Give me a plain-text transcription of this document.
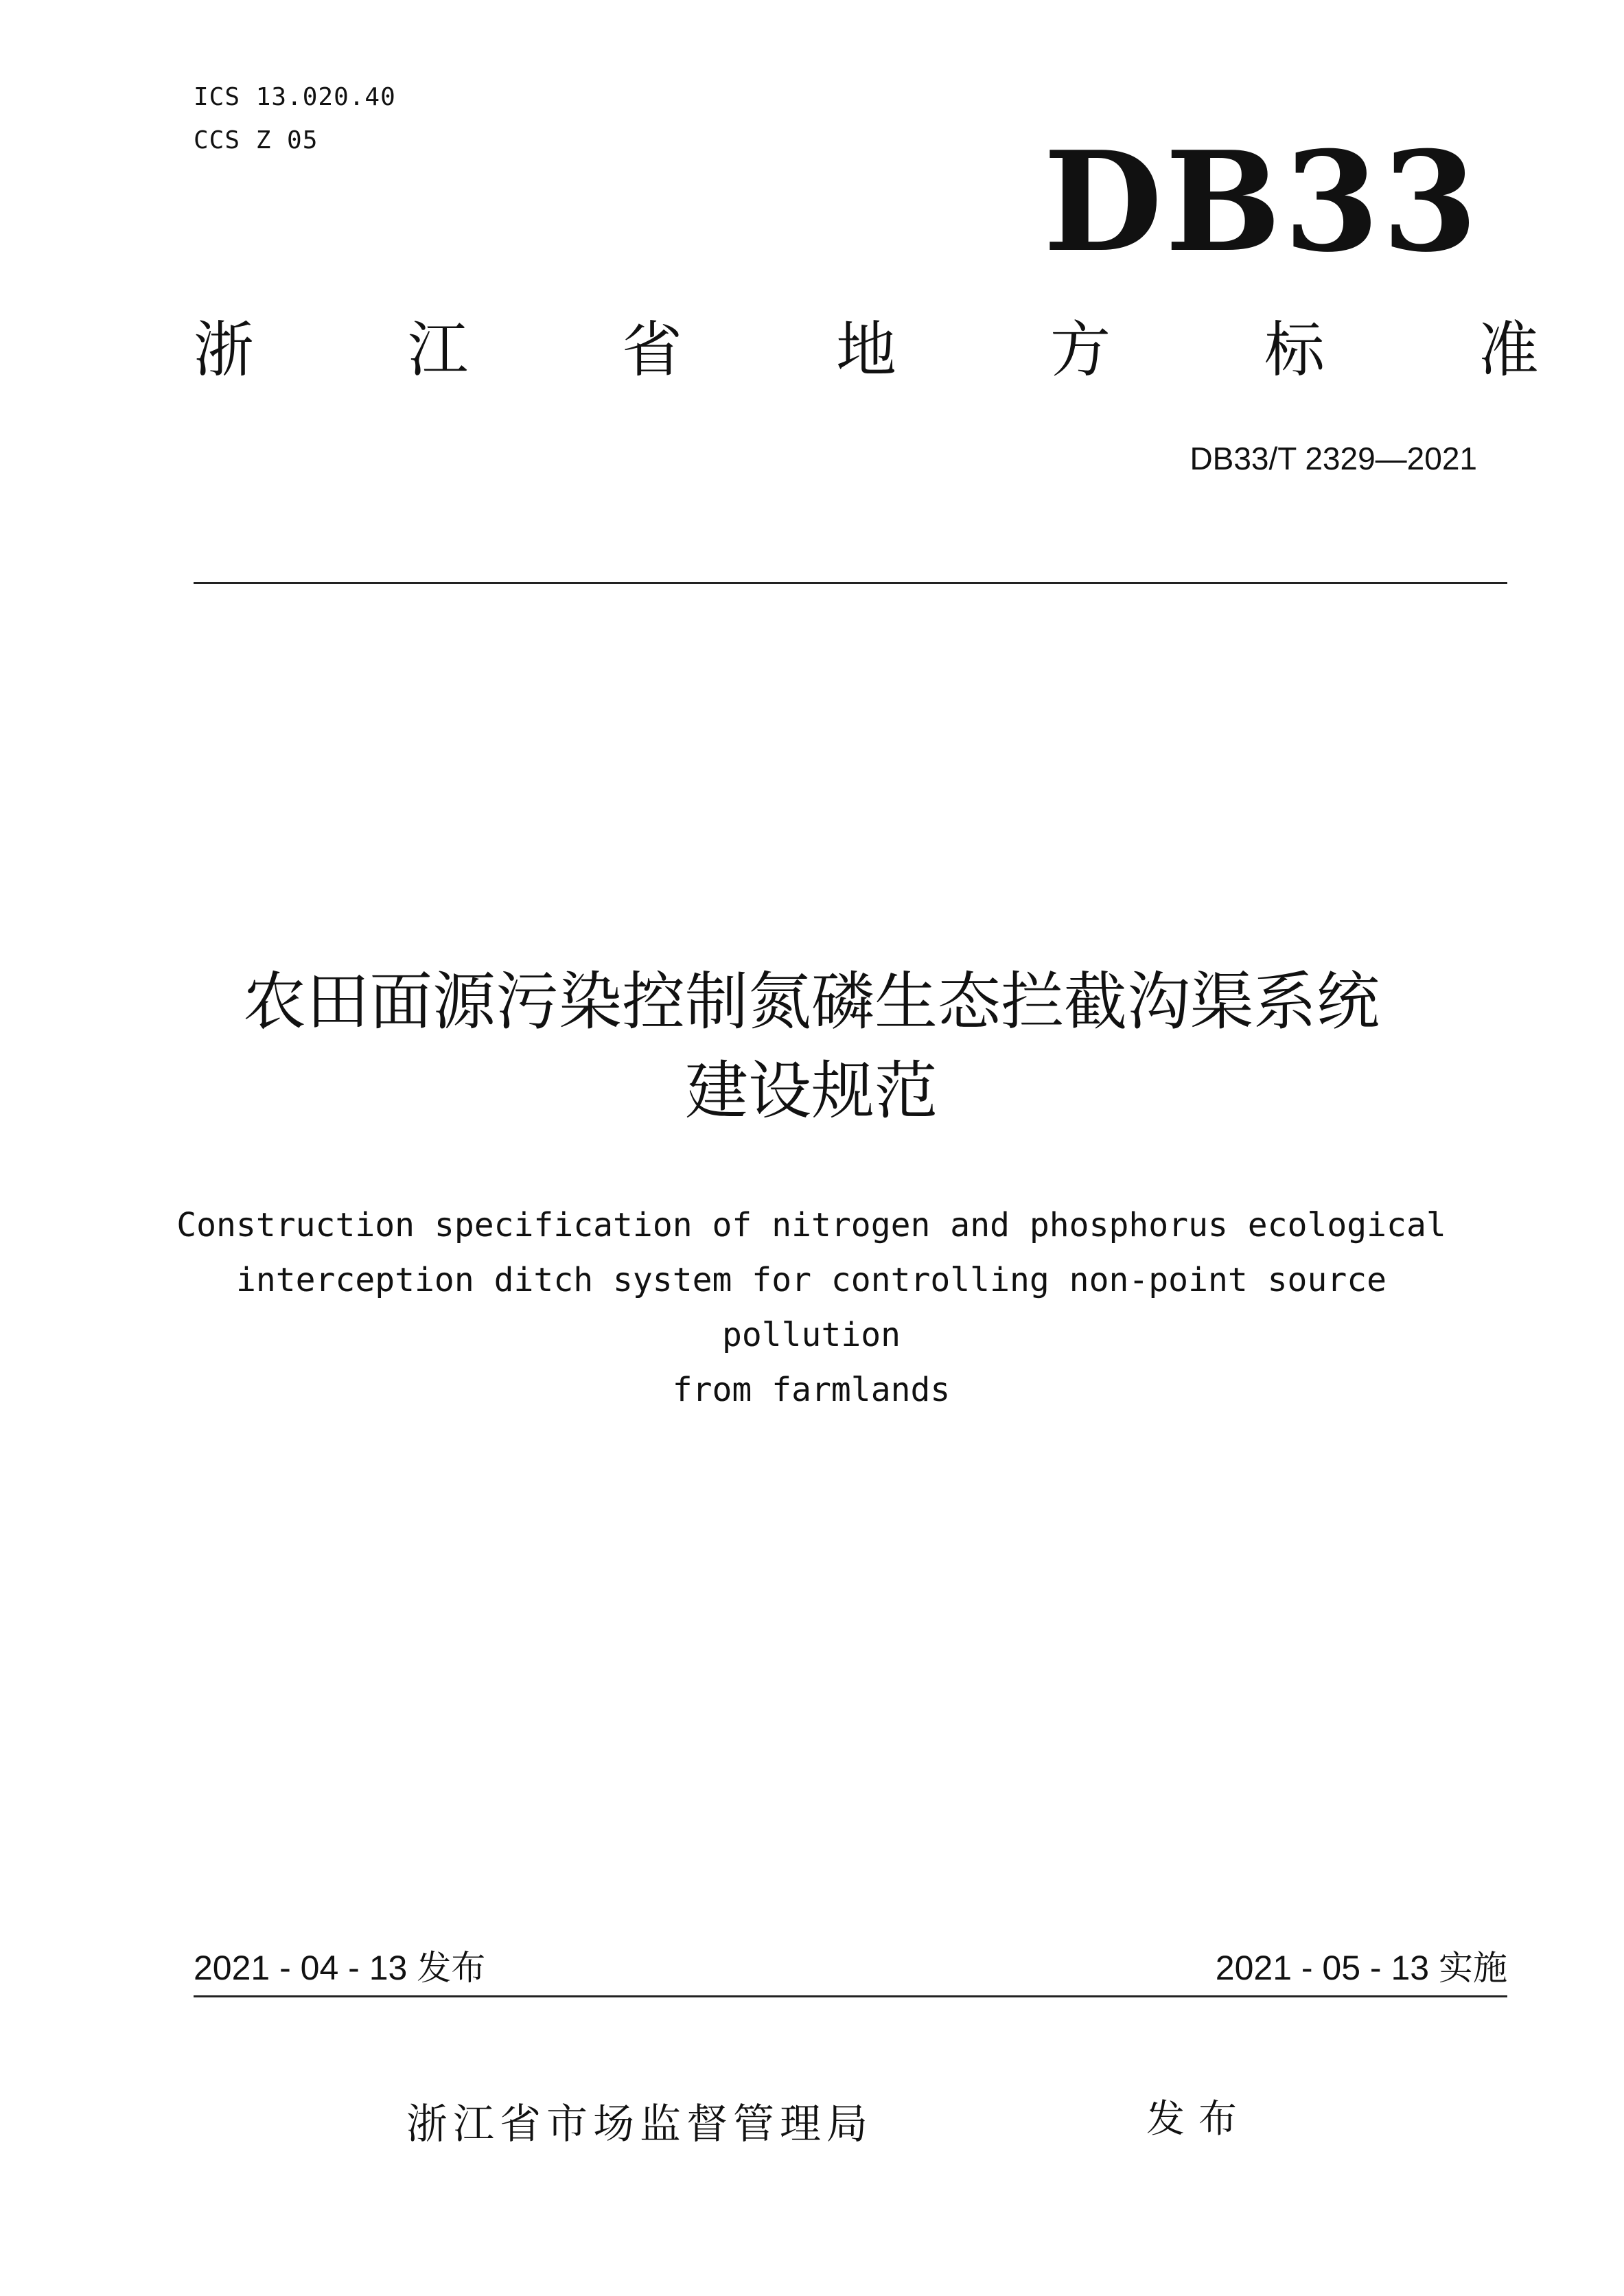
ICS 13.020.40
CCS Z 05	DB33
浙	江	省	地	方	标	准
DB33/T 2329—2021
农田面源污染控制氮磷生态拦截沟渠系统
建设规范
Construction specification of nitrogen and phosphorus ecological
interception ditch system for controlling non-point source pollution
from farmlands
2021 - 04 - 13 发布	2021 - 05 - 13 实施
浙江省市场监督管理局	发布
